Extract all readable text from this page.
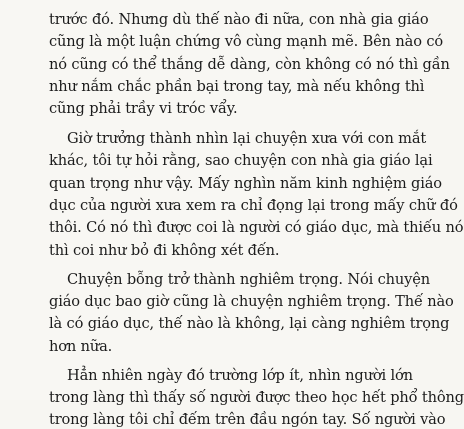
trước đó. Nhưng dù thế nào đi nữa, con nhà gia giáo
cũng là một luận chứng vô cùng mạnh mẽ. Bên nào có
nó cũng có thể thắng dễ dàng, còn không có nó thì gần
như nắm chắc phần bại trong tay, mà nếu không thì
cũng phải trầy vi tróc vẩy.
Giờ trưởng thành nhìn lại chuyện xưa với con mắt
khác, tôi tự hỏi rằng, sao chuyện con nhà gia giáo lại
quan trọng như vậy. Mấy nghìn năm kinh nghiệm giáo
dục của người xưa xem ra chỉ đọng lại trong mấy chữ đó
thôi. Có nó thì được coi là người có giáo dục, mà thiếu nó
thì coi như bỏ đi không xét đến.
Chuyện bỗng trở thành nghiêm trọng. Nói chuyện
giáo dục bao giờ cũng là chuyện nghiêm trọng. Thế nào
là có giáo dục, thế nào là không, lại càng nghiêm trọng
hơn nữa.
Hẳn nhiên ngày đó trường lớp ít, nhìn người lớn
trong làng thì thấy số người được theo học hết phổ thông
trong làng tôi chỉ đếm trên đầu ngón tay. Số người vào
